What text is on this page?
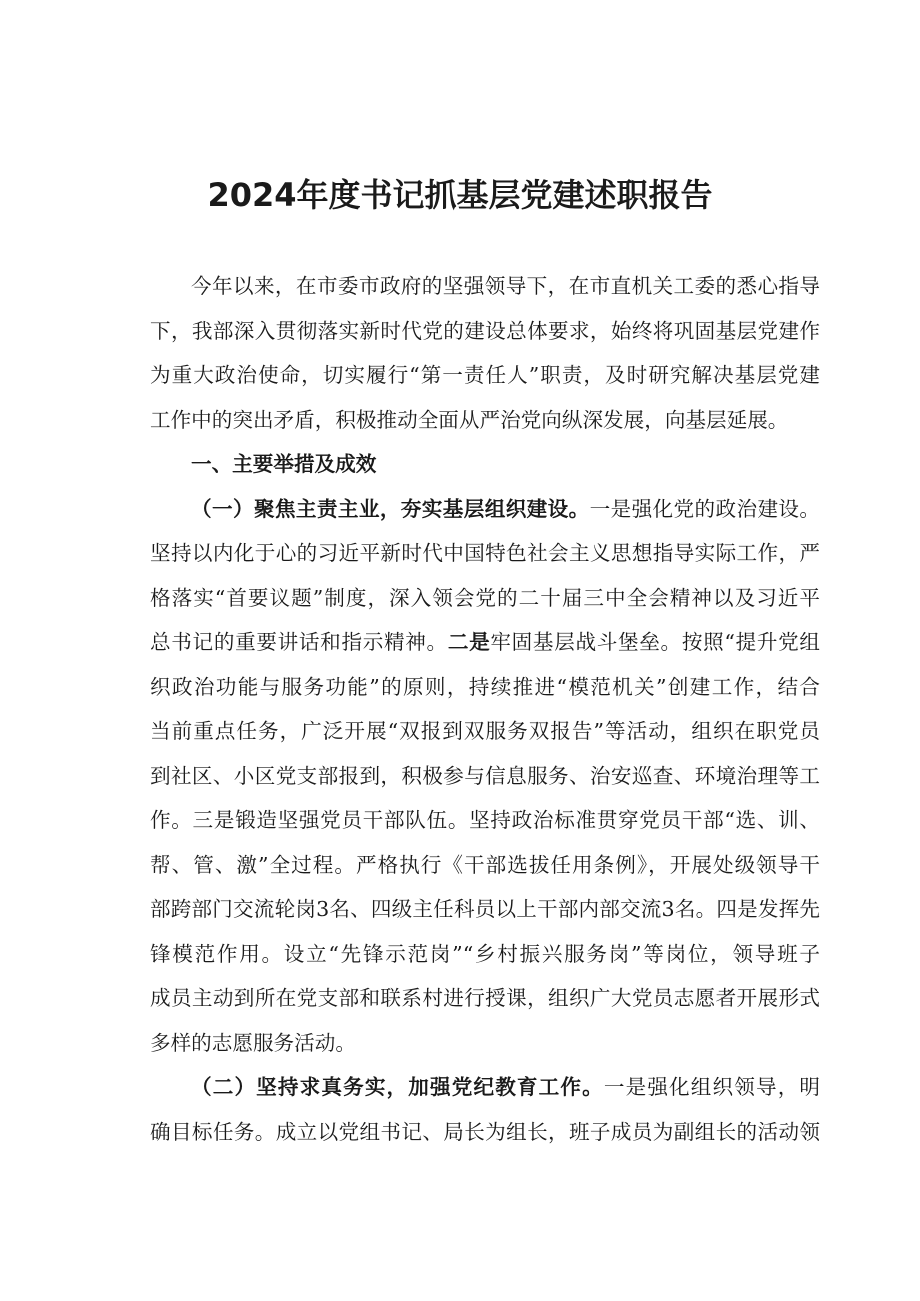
2024年度书记抓基层党建述职报告
今年以来，在市委市政府的坚强领导下，在市直机关工委的悉心指导
下，我部深入贯彻落实新时代党的建设总体要求，始终将巩固基层党建作
为重大政治使命，切实履行“第一责任人”职责，及时研究解决基层党建
工作中的突出矛盾，积极推动全面从严治党向纵深发展，向基层延展。
一、主要举措及成效
（一）聚焦主责主业，夯实基层组织建设。一是强化党的政治建设。
坚持以内化于心的习近平新时代中国特色社会主义思想指导实际工作，严
格落实“首要议题”制度，深入领会党的二十届三中全会精神以及习近平
总书记的重要讲话和指示精神。二是牢固基层战斗堡垒。按照“提升党组
织政治功能与服务功能”的原则，持续推进“模范机关”创建工作，结合
当前重点任务，广泛开展“双报到双服务双报告”等活动，组织在职党员
到社区、小区党支部报到，积极参与信息服务、治安巡查、环境治理等工
作。三是锻造坚强党员干部队伍。坚持政治标准贯穿党员干部“选、训、
帮、管、激”全过程。严格执行《干部选拔任用条例》，开展处级领导干
部跨部门交流轮岗3名、四级主任科员以上干部内部交流3名。四是发挥先
锋模范作用。设立“先锋示范岗”“乡村振兴服务岗”等岗位，领导班子
成员主动到所在党支部和联系村进行授课，组织广大党员志愿者开展形式
多样的志愿服务活动。
（二）坚持求真务实，加强党纪教育工作。一是强化组织领导，明
确目标任务。成立以党组书记、局长为组长，班子成员为副组长的活动领
